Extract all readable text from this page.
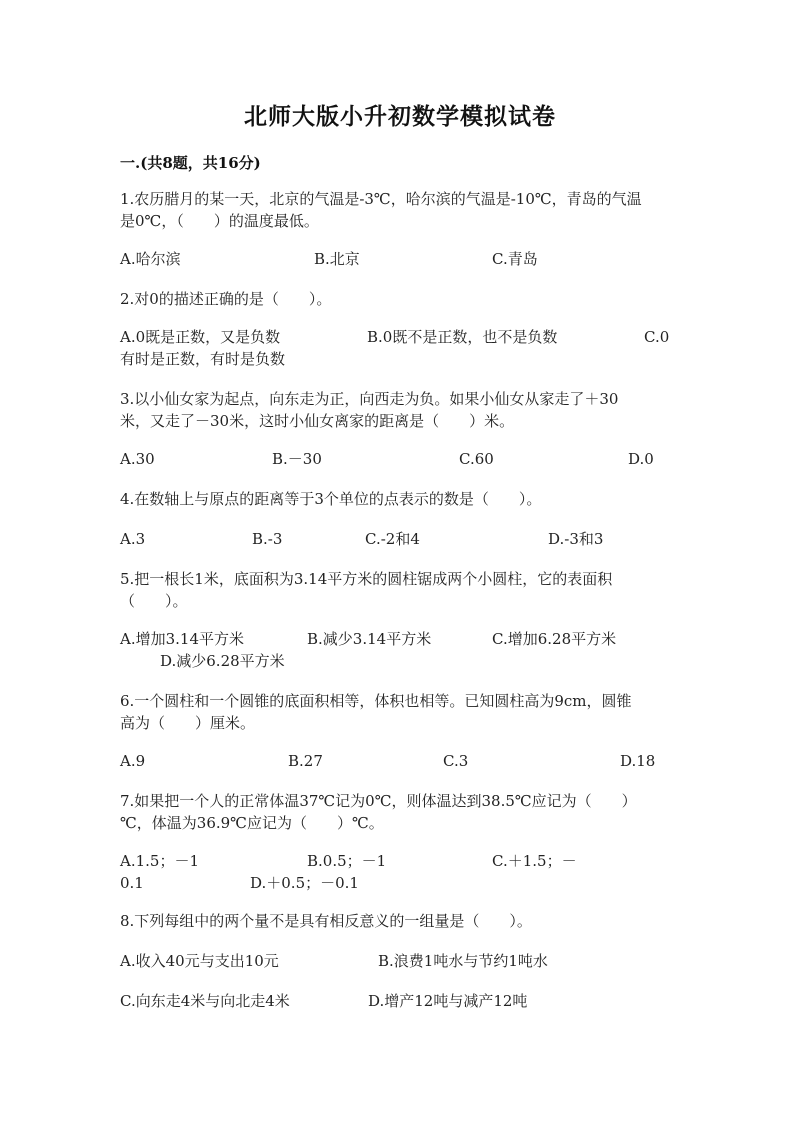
北师大版小升初数学模拟试卷
一.(共8题，共16分)
1.农历腊月的某一天，北京的气温是-3℃，哈尔滨的气温是-10℃，青岛的气温
是0℃，（　　）的温度最低。
A.哈尔滨	B.北京	C.青岛
2.对0的描述正确的是（　　）。
A.0既是正数，又是负数	B.0既不是正数，也不是负数	C.0
有时是正数，有时是负数
3.以小仙女家为起点，向东走为正，向西走为负。如果小仙女从家走了＋30
米，又走了－30米，这时小仙女离家的距离是（　　）米。
A.30	B.－30	C.60	D.0
4.在数轴上与原点的距离等于3个单位的点表示的数是（　　）。
A.3	B.-3	C.-2和4	D.-3和3
5.把一根长1米，底面积为3.14平方米的圆柱锯成两个小圆柱，它的表面积
（　　）。
A.增加3.14平方米	B.减少3.14平方米	C.增加6.28平方米
D.减少6.28平方米
6.一个圆柱和一个圆锥的底面积相等，体积也相等。已知圆柱高为9cm，圆锥
高为（　　）厘米。
A.9	B.27	C.3	D.18
7.如果把一个人的正常体温37℃记为0℃，则体温达到38.5℃应记为（　　）
℃，体温为36.9℃应记为（　　）℃。
A.1.5；－1	B.0.5；－1	C.＋1.5；－
0.1	D.＋0.5；－0.1
8.下列每组中的两个量不是具有相反意义的一组量是（　　）。
A.收入40元与支出10元	B.浪费1吨水与节约1吨水
C.向东走4米与向北走4米	D.增产12吨与减产12吨
